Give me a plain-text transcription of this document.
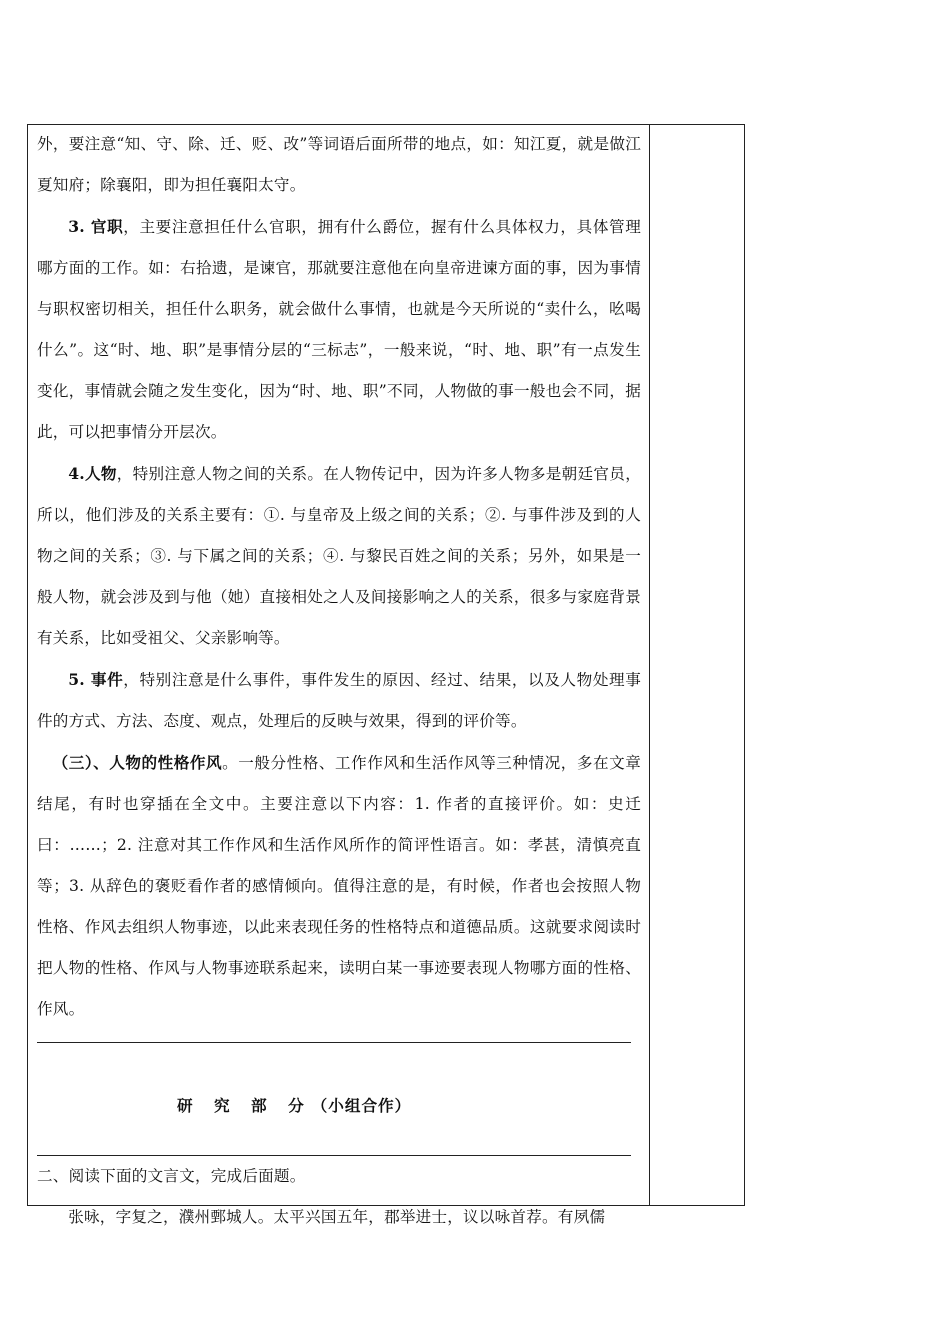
外，要注意“知、守、除、迁、贬、改”等词语后面所带的地点，如：知江夏，就是做江夏知府；除襄阳，即为担任襄阳太守。

3. 官职，主要注意担任什么官职，拥有什么爵位，握有什么具体权力，具体管理哪方面的工作。如：右拾遗，是谏官，那就要注意他在向皇帝进谏方面的事，因为事情与职权密切相关，担任什么职务，就会做什么事情，也就是今天所说的“卖什么，吆喝什么”。这“时、地、职”是事情分层的“三标志”，一般来说，“时、地、职”有一点发生变化，事情就会随之发生变化，因为“时、地、职”不同，人物做的事一般也会不同，据此，可以把事情分开层次。

4.人物，特别注意人物之间的关系。在人物传记中，因为许多人物多是朝廷官员，所以，他们涉及的关系主要有：①. 与皇帝及上级之间的关系；②. 与事件涉及到的人物之间的关系；③. 与下属之间的关系；④. 与黎民百姓之间的关系；另外，如果是一般人物，就会涉及到与他（她）直接相处之人及间接影响之人的关系，很多与家庭背景有关系，比如受祖父、父亲影响等。

5. 事件，特别注意是什么事件，事件发生的原因、经过、结果，以及人物处理事件的方式、方法、态度、观点，处理后的反映与效果，得到的评价等。

（三）、人物的性格作风。一般分性格、工作作风和生活作风等三种情况，多在文章结尾，有时也穿插在全文中。主要注意以下内容：1. 作者的直接评价。如：史迁曰：……；2. 注意对其工作作风和生活作风所作的简评性语言。如：孝甚，清慎亮直等；3. 从辞色的褒贬看作者的感情倾向。值得注意的是，有时候，作者也会按照人物性格、作风去组织人物事迹，以此来表现任务的性格特点和道德品质。这就要求阅读时把人物的性格、作风与人物事迹联系起来，读明白某一事迹要表现人物哪方面的性格、作风。

研 究 部 分（小组合作）

二、阅读下面的文言文，完成后面题。

张咏，字复之，濮州鄄城人。太平兴国五年，郡举进士，议以咏首荐。有夙儒
